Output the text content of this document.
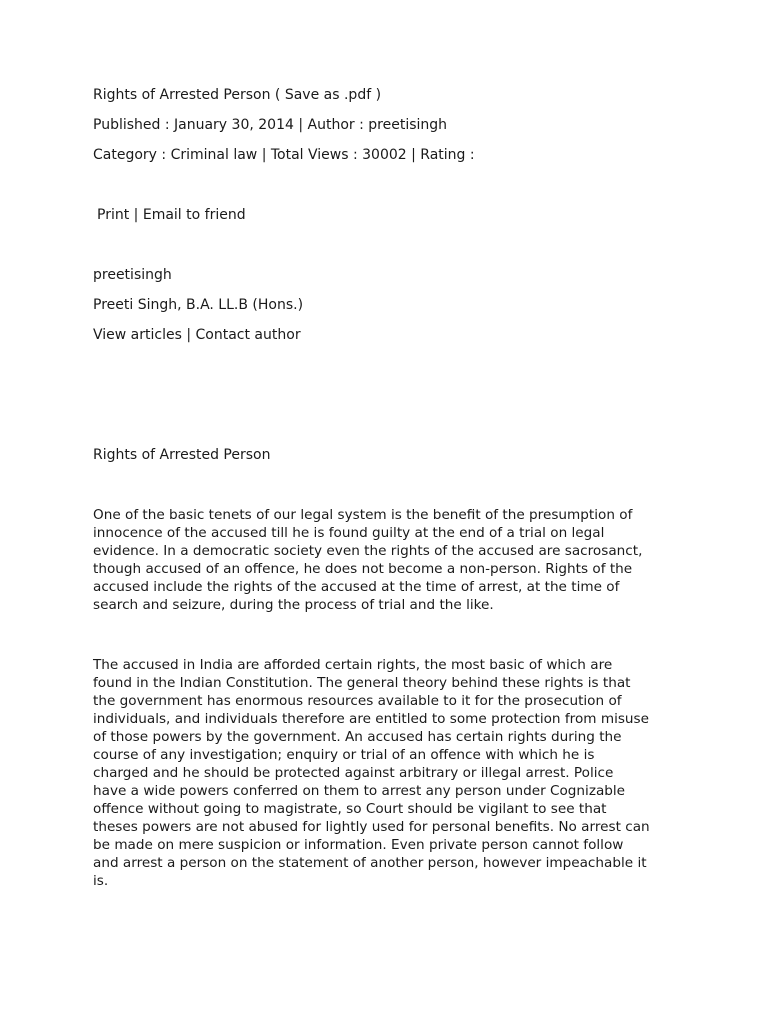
Rights of Arrested Person ( Save as .pdf )
Published : January 30, 2014 | Author : preetisingh
Category : Criminal law | Total Views : 30002 | Rating :
Print | Email to friend
preetisingh
Preeti Singh, B.A. LL.B (Hons.)
View articles | Contact author
Rights of Arrested Person
One of the basic tenets of our legal system is the benefit of the presumption of
innocence of the accused till he is found guilty at the end of a trial on legal
evidence. In a democratic society even the rights of the accused are sacrosanct,
though accused of an offence, he does not become a non-person. Rights of the
accused include the rights of the accused at the time of arrest, at the time of
search and seizure, during the process of trial and the like.
The accused in India are afforded certain rights, the most basic of which are
found in the Indian Constitution. The general theory behind these rights is that
the government has enormous resources available to it for the prosecution of
individuals, and individuals therefore are entitled to some protection from misuse
of those powers by the government. An accused has certain rights during the
course of any investigation; enquiry or trial of an offence with which he is
charged and he should be protected against arbitrary or illegal arrest. Police
have a wide powers conferred on them to arrest any person under Cognizable
offence without going to magistrate, so Court should be vigilant to see that
theses powers are not abused for lightly used for personal benefits. No arrest can
be made on mere suspicion or information. Even private person cannot follow
and arrest a person on the statement of another person, however impeachable it
is.
